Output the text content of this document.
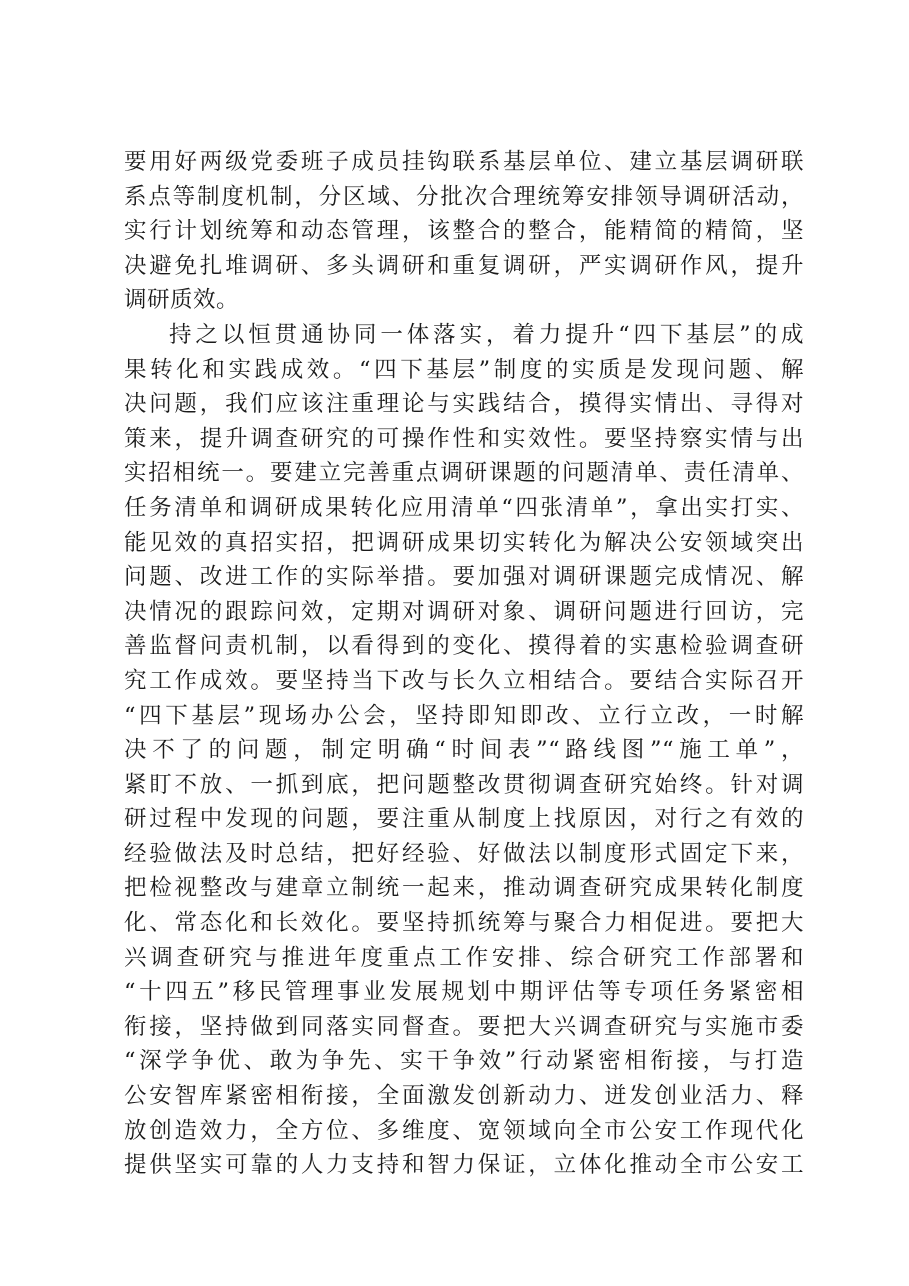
要用好两级党委班子成员挂钩联系基层单位、建立基层调研联
系点等制度机制，分区域、分批次合理统筹安排领导调研活动，
实行计划统筹和动态管理，该整合的整合，能精简的精简，坚
决避免扎堆调研、多头调研和重复调研，严实调研作风，提升
调研质效。
持之以恒贯通协同一体落实，着力提升“四下基层”的成
果转化和实践成效。“四下基层”制度的实质是发现问题、解
决问题，我们应该注重理论与实践结合，摸得实情出、寻得对
策来，提升调查研究的可操作性和实效性。要坚持察实情与出
实招相统一。要建立完善重点调研课题的问题清单、责任清单、
任务清单和调研成果转化应用清单“四张清单”，拿出实打实、
能见效的真招实招，把调研成果切实转化为解决公安领域突出
问题、改进工作的实际举措。要加强对调研课题完成情况、解
决情况的跟踪问效，定期对调研对象、调研问题进行回访，完
善监督问责机制，以看得到的变化、摸得着的实惠检验调查研
究工作成效。要坚持当下改与长久立相结合。要结合实际召开
“四下基层”现场办公会，坚持即知即改、立行立改，一时解
决不了的问题，制定明确“时间表”“路线图”“施工单”，
紧盯不放、一抓到底，把问题整改贯彻调查研究始终。针对调
研过程中发现的问题，要注重从制度上找原因，对行之有效的
经验做法及时总结，把好经验、好做法以制度形式固定下来，
把检视整改与建章立制统一起来，推动调查研究成果转化制度
化、常态化和长效化。要坚持抓统筹与聚合力相促进。要把大
兴调查研究与推进年度重点工作安排、综合研究工作部署和
“十四五”移民管理事业发展规划中期评估等专项任务紧密相
衔接，坚持做到同落实同督查。要把大兴调查研究与实施市委
“深学争优、敢为争先、实干争效”行动紧密相衔接，与打造
公安智库紧密相衔接，全面激发创新动力、迸发创业活力、释
放创造效力，全方位、多维度、宽领域向全市公安工作现代化
提供坚实可靠的人力支持和智力保证，立体化推动全市公安工
